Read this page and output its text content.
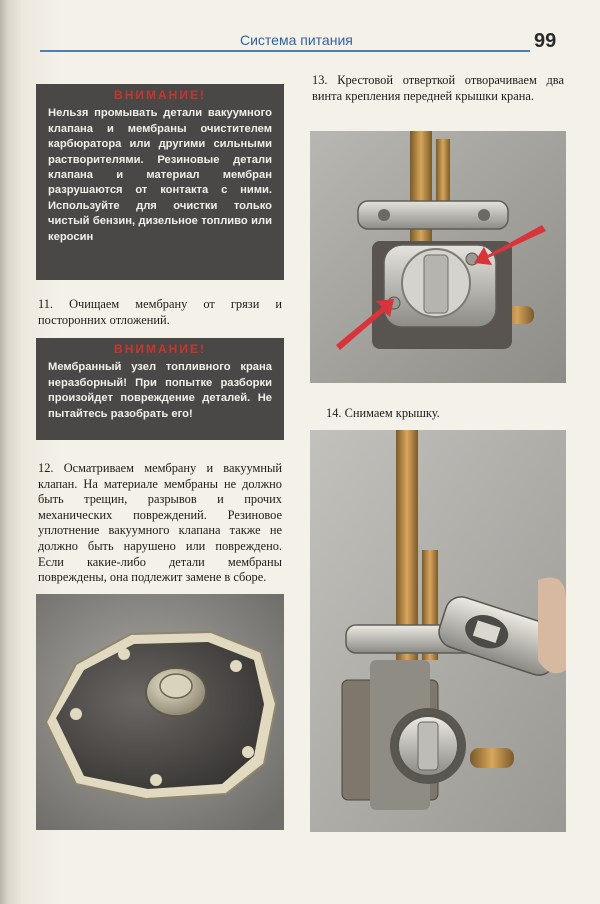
Система питания	99
ВНИМАНИЕ!
Нельзя промывать детали вакуумного клапана и мембраны очистителем карбюратора или другими сильными растворителями. Резиновые детали клапана и материал мембран разрушаются от контакта с ними. Используйте для очистки только чистый бензин, дизельное топливо или керосин
11. Очищаем мембрану от грязи и посторонних отложений.
ВНИМАНИЕ!
Мембранный узел топливного крана неразборный! При попытке разборки произойдет повреждение деталей. Не пытайтесь разобрать его!
12. Осматриваем мембрану и вакуумный клапан. На материале мембраны не должно быть трещин, разрывов и прочих механических повреждений. Резиновое уплотнение вакуумного клапана также не должно быть нарушено или повреждено. Если какие-либо детали мембраны повреждены, она подлежит замене в сборе.
13. Крестовой отверткой отворачиваем два винта крепления передней крышки крана.
14. Снимаем крышку.
